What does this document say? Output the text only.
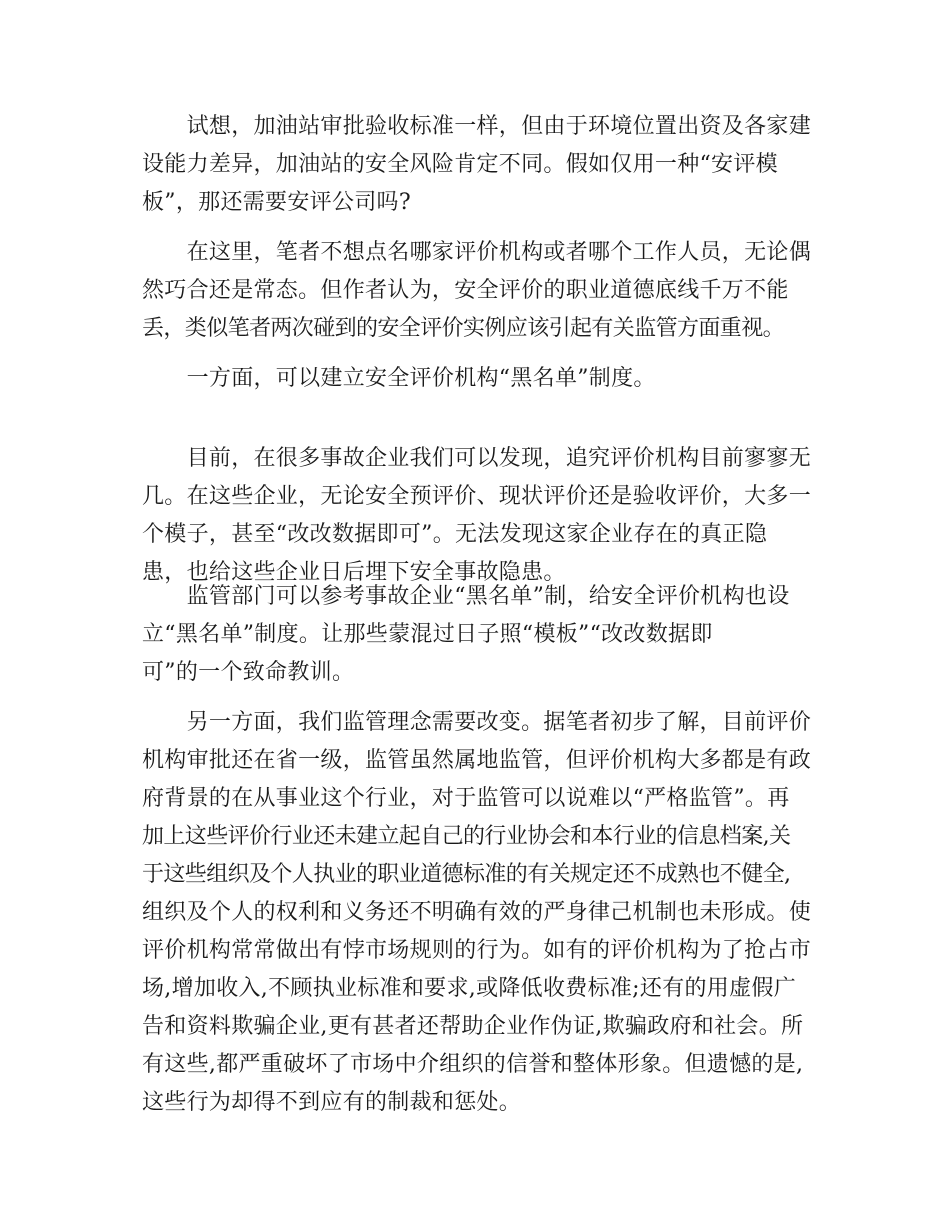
　　试想，加油站审批验收标准一样，但由于环境位置出资及各家建
设能力差异，加油站的安全风险肯定不同。假如仅用一种“安评模
板”，那还需要安评公司吗?
　　在这里，笔者不想点名哪家评价机构或者哪个工作人员，无论偶
然巧合还是常态。但作者认为，安全评价的职业道德底线千万不能
丢，类似笔者两次碰到的安全评价实例应该引起有关监管方面重视。
　　一方面，可以建立安全评价机构“黑名单”制度。
　　目前，在很多事故企业我们可以发现，追究评价机构目前寥寥无
几。在这些企业，无论安全预评价、现状评价还是验收评价，大多一
个模子，甚至“改改数据即可”。无法发现这家企业存在的真正隐
患，也给这些企业日后埋下安全事故隐患。
　　监管部门可以参考事故企业“黑名单”制，给安全评价机构也设
立“黑名单”制度。让那些蒙混过日子照“模板”“改改数据即
可”的一个致命教训。
　　另一方面，我们监管理念需要改变。据笔者初步了解，目前评价
机构审批还在省一级，监管虽然属地监管，但评价机构大多都是有政
府背景的在从事业这个行业，对于监管可以说难以“严格监管”。再
加上这些评价行业还未建立起自己的行业协会和本行业的信息档案,关
于这些组织及个人执业的职业道德标准的有关规定还不成熟也不健全,
组织及个人的权利和义务还不明确有效的严身律己机制也未形成。使
评价机构常常做出有悖市场规则的行为。如有的评价机构为了抢占市
场,增加收入,不顾执业标准和要求,或降低收费标准;还有的用虚假广
告和资料欺骗企业,更有甚者还帮助企业作伪证,欺骗政府和社会。所
有这些,都严重破坏了市场中介组织的信誉和整体形象。但遗憾的是,
这些行为却得不到应有的制裁和惩处。
